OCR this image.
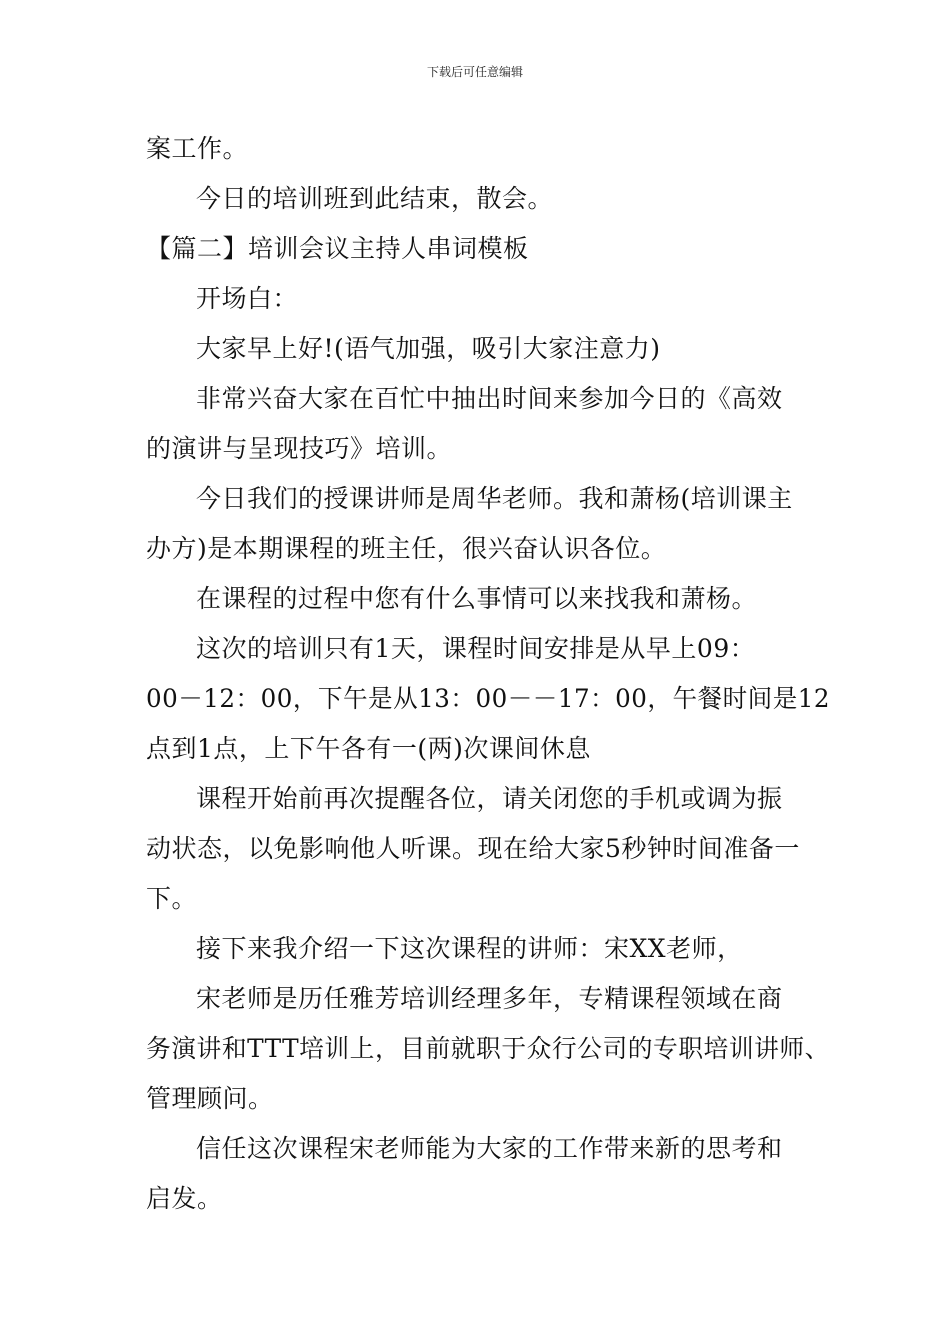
下载后可任意编辑
案工作。
今日的培训班到此结束，散会。
【篇二】培训会议主持人串词模板
开场白：
大家早上好!(语气加强，吸引大家注意力)
非常兴奋大家在百忙中抽出时间来参加今日的《高效
的演讲与呈现技巧》培训。
今日我们的授课讲师是周华老师。我和萧杨(培训课主
办方)是本期课程的班主任，很兴奋认识各位。
在课程的过程中您有什么事情可以来找我和萧杨。
这次的培训只有1天，课程时间安排是从早上09：
00－12：00，下午是从13：00－－17：00，午餐时间是12
点到1点，上下午各有一(两)次课间休息
课程开始前再次提醒各位，请关闭您的手机或调为振
动状态，以免影响他人听课。现在给大家5秒钟时间准备一
下。
接下来我介绍一下这次课程的讲师：宋XX老师，
宋老师是历任雅芳培训经理多年，专精课程领域在商
务演讲和TTT培训上，目前就职于众行公司的专职培训讲师、
管理顾问。
信任这次课程宋老师能为大家的工作带来新的思考和
启发。
